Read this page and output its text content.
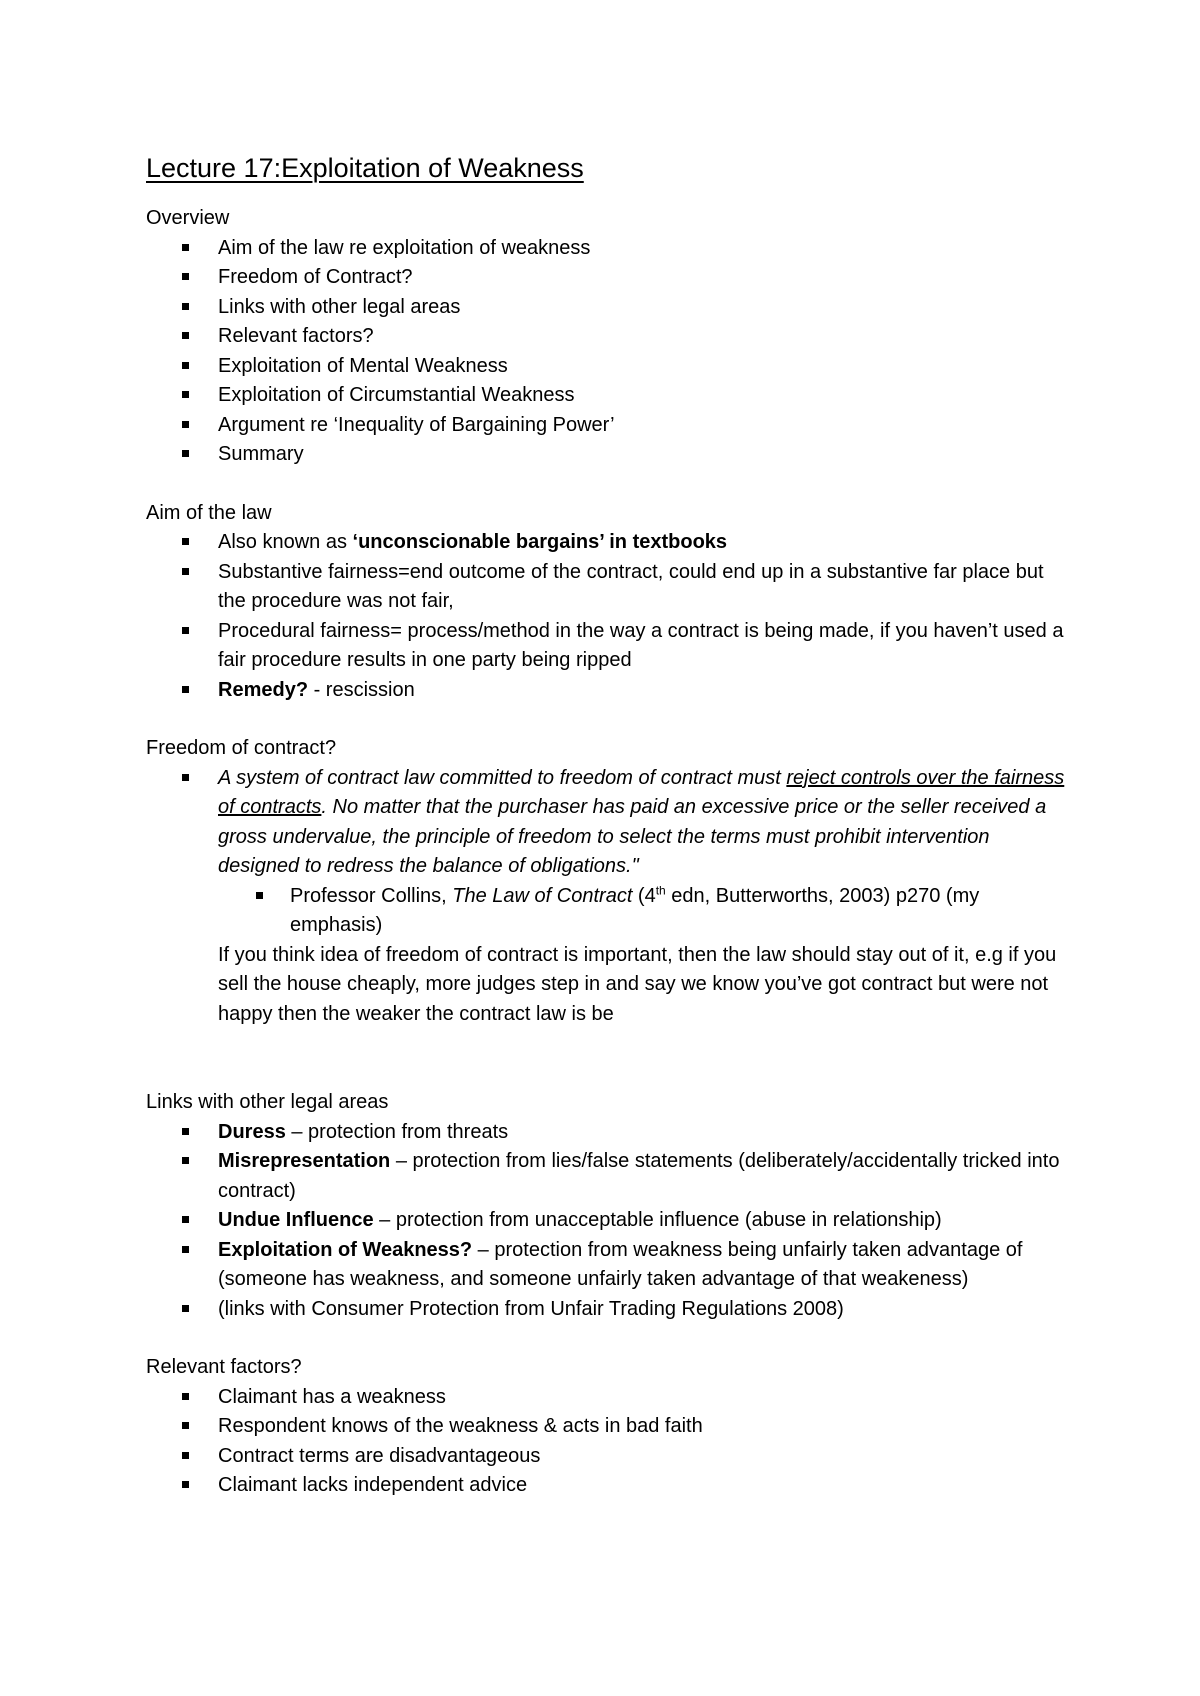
Lecture 17:Exploitation of Weakness
Overview
Aim of the law re exploitation of weakness
Freedom of Contract?
Links with other legal areas
Relevant factors?
Exploitation of Mental Weakness
Exploitation of Circumstantial Weakness
Argument re ‘Inequality of Bargaining Power’
Summary
Aim of the law
Also known as ‘unconscionable bargains’ in textbooks
Substantive fairness=end outcome of the contract, could end up in a substantive far place but the procedure was not fair,
Procedural fairness= process/method in the way a contract is being made, if you haven’t used a fair procedure results in one party being ripped
Remedy? - rescission
Freedom of contract?
A system of contract law committed to freedom of contract must reject controls over the fairness of contracts. No matter that the purchaser has paid an excessive price or the seller received a gross undervalue, the principle of freedom to select the terms must prohibit intervention designed to redress the balance of obligations."
Professor Collins, The Law of Contract (4th edn, Butterworths, 2003) p270 (my emphasis)
If you think idea of freedom of contract is important, then the law should stay out of it, e.g if you sell the house cheaply, more judges step in and say we know you’ve got contract but were not happy then the weaker the contract law is be
Links with other legal areas
Duress – protection from threats
Misrepresentation – protection from lies/false statements (deliberately/accidentally tricked into contract)
Undue Influence – protection from unacceptable influence (abuse in relationship)
Exploitation of Weakness? – protection from weakness being unfairly taken advantage of (someone has weakness, and someone unfairly taken advantage of that weakeness)
(links with Consumer Protection from Unfair Trading Regulations 2008)
Relevant factors?
Claimant has a weakness
Respondent knows of the weakness & acts in bad faith
Contract terms are disadvantageous
Claimant lacks independent advice
